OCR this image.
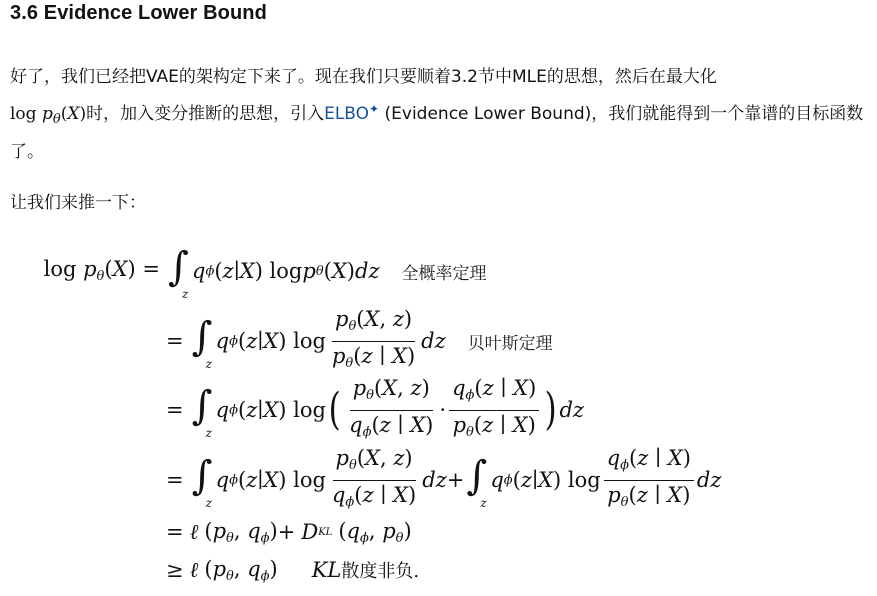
3.6 Evidence Lower Bound

好了，我们已经把VAE的架构定下来了。现在我们只要顺着3.2节中MLE的思想，然后在最大化
$\log p_\theta(X)$时，加入变分推断的思想，引入ELBO✦ (Evidence Lower Bound)，我们就能得到一个靠谱的目标函数了。

让我们来推一下：

$\log p_\theta(X)$ = ∫
z
q ϕ ( z ∣ X ) log p θ ( X ) dz 全概率定理
= ∫
z
q ϕ ( z ∣ X ) $\log \frac{p_\theta(X, z)}{p_\theta(z ∣ X)}$ dz 贝叶斯定理
= ∫
z
q ϕ ( z ∣ X ) log ( $\frac{p_\theta(X, z)}{q_\phi(z ∣ X)} \cdot \frac{q_\phi(z ∣ X)}{p_\theta(z ∣ X)}$ ) dz
= ∫
z
q ϕ ( z ∣ X ) $\log \frac{p_\theta(X, z)}{q_\phi(z ∣ X)}$ dz + ∫
z
q ϕ ( z ∣ X ) $\log \frac{q_\phi(z ∣ X)}{p_\theta(z ∣ X)}$ dz
= ℓ ($p_\theta$, $q_\phi) + D$ KL ($q_\phi$, $p_\theta$)
≥ ℓ ($p_\theta$, $q_\phi$) KL 散度非负.
